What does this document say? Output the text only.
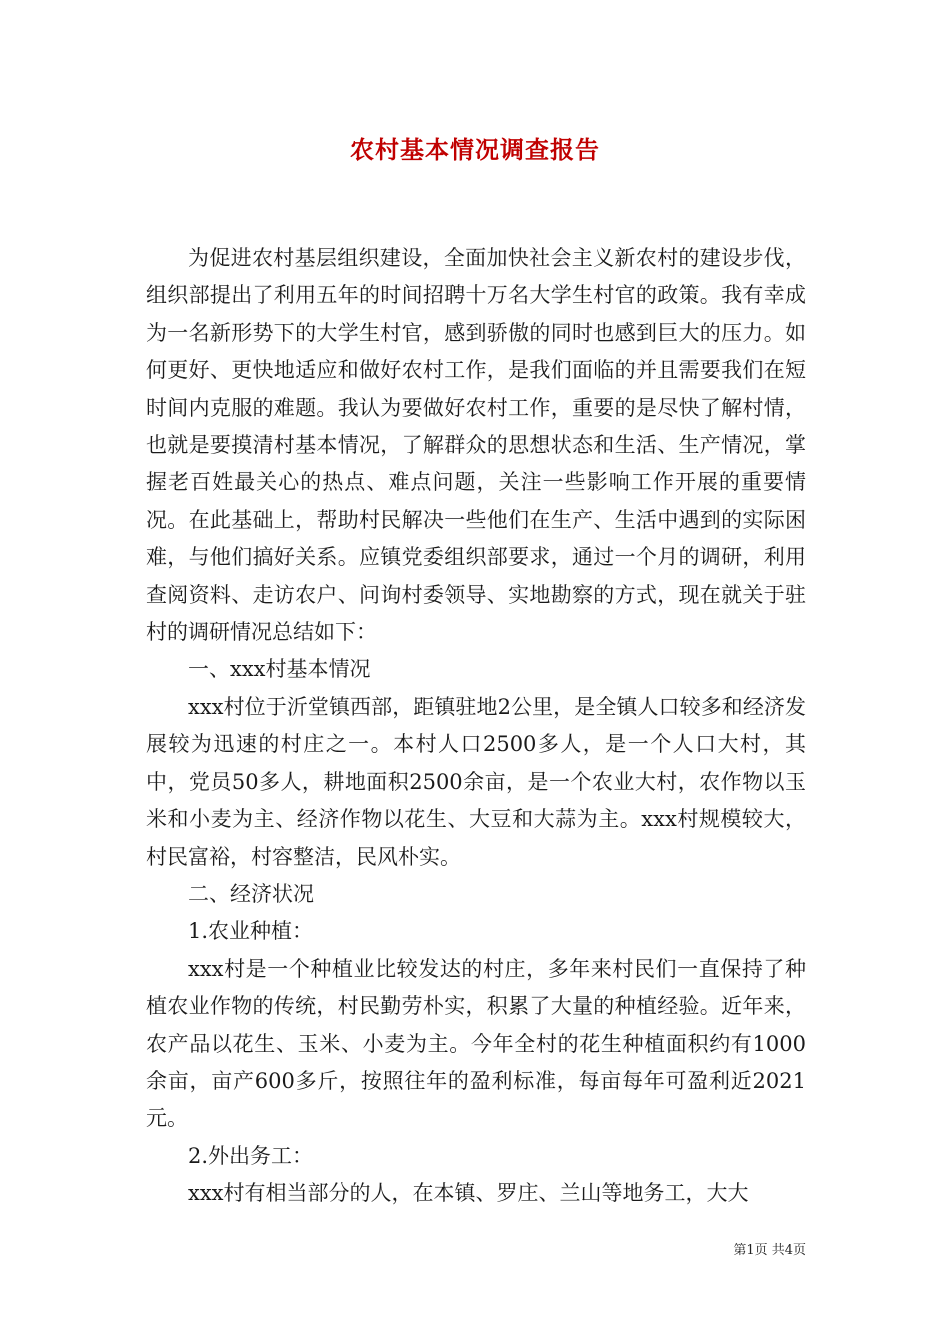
农村基本情况调查报告

为促进农村基层组织建设，全面加快社会主义新农村的建设步伐，组织部提出了利用五年的时间招聘十万名大学生村官的政策。我有幸成为一名新形势下的大学生村官，感到骄傲的同时也感到巨大的压力。如何更好、更快地适应和做好农村工作，是我们面临的并且需要我们在短时间内克服的难题。我认为要做好农村工作，重要的是尽快了解村情，也就是要摸清村基本情况，了解群众的思想状态和生活、生产情况，掌握老百姓最关心的热点、难点问题，关注一些影响工作开展的重要情况。在此基础上，帮助村民解决一些他们在生产、生活中遇到的实际困难，与他们搞好关系。应镇党委组织部要求，通过一个月的调研，利用查阅资料、走访农户、问询村委领导、实地勘察的方式，现在就关于驻村的调研情况总结如下：

一、xxx村基本情况

xxx村位于沂堂镇西部，距镇驻地2公里，是全镇人口较多和经济发展较为迅速的村庄之一。本村人口2500多人，是一个人口大村，其中，党员50多人，耕地面积2500余亩，是一个农业大村，农作物以玉米和小麦为主、经济作物以花生、大豆和大蒜为主。xxx村规模较大，村民富裕，村容整洁，民风朴实。

二、经济状况

1.农业种植：

xxx村是一个种植业比较发达的村庄，多年来村民们一直保持了种植农业作物的传统，村民勤劳朴实，积累了大量的种植经验。近年来，农产品以花生、玉米、小麦为主。今年全村的花生种植面积约有1000余亩，亩产600多斤，按照往年的盈利标准，每亩每年可盈利近2021元。

2.外出务工：

xxx村有相当部分的人，在本镇、罗庄、兰山等地务工，大大

第1页 共4页
